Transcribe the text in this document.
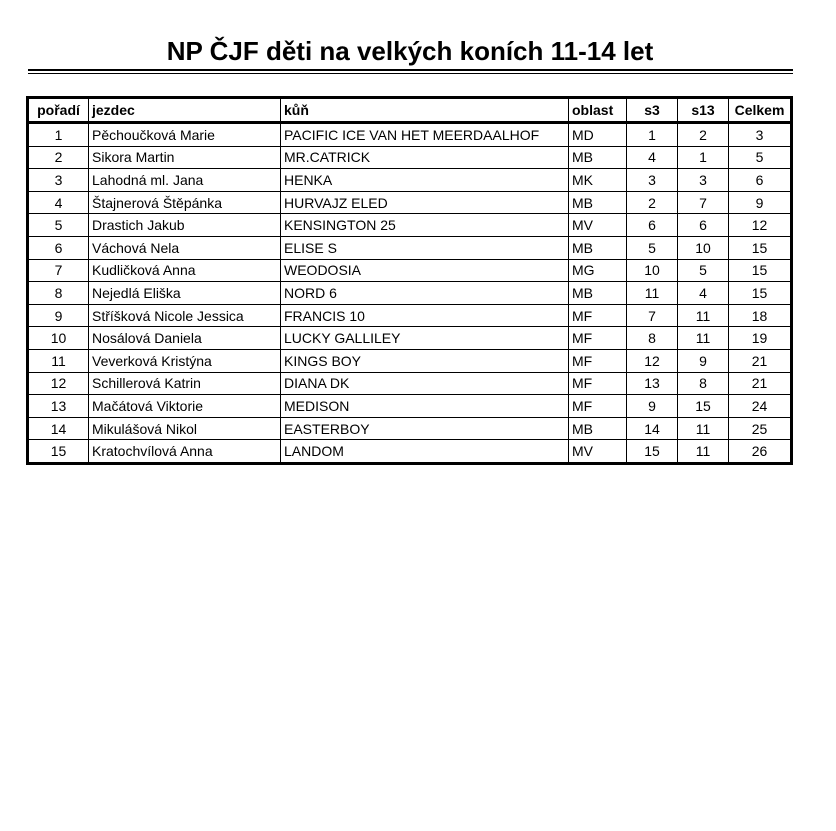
NP ČJF děti na velkých koních 11-14 let
pořadí	jezdec	kůň	oblast	s3	s13	Celkem
1	Pěchoučková Marie	PACIFIC ICE VAN HET MEERDAALHOF	MD	1	2	3
2	Sikora Martin	MR.CATRICK	MB	4	1	5
3	Lahodná ml. Jana	HENKA	MK	3	3	6
4	Štajnerová Štěpánka	HURVAJZ ELED	MB	2	7	9
5	Drastich Jakub	KENSINGTON 25	MV	6	6	12
6	Váchová Nela	ELISE S	MB	5	10	15
7	Kudličková Anna	WEODOSIA	MG	10	5	15
8	Nejedlá Eliška	NORD 6	MB	11	4	15
9	Stříšková Nicole Jessica	FRANCIS 10	MF	7	11	18
10	Nosálová Daniela	LUCKY GALLILEY	MF	8	11	19
11	Veverková Kristýna	KINGS BOY	MF	12	9	21
12	Schillerová Katrin	DIANA DK	MF	13	8	21
13	Mačátová Viktorie	MEDISON	MF	9	15	24
14	Mikulášová Nikol	EASTERBOY	MB	14	11	25
15	Kratochvílová Anna	LANDOM	MV	15	11	26
